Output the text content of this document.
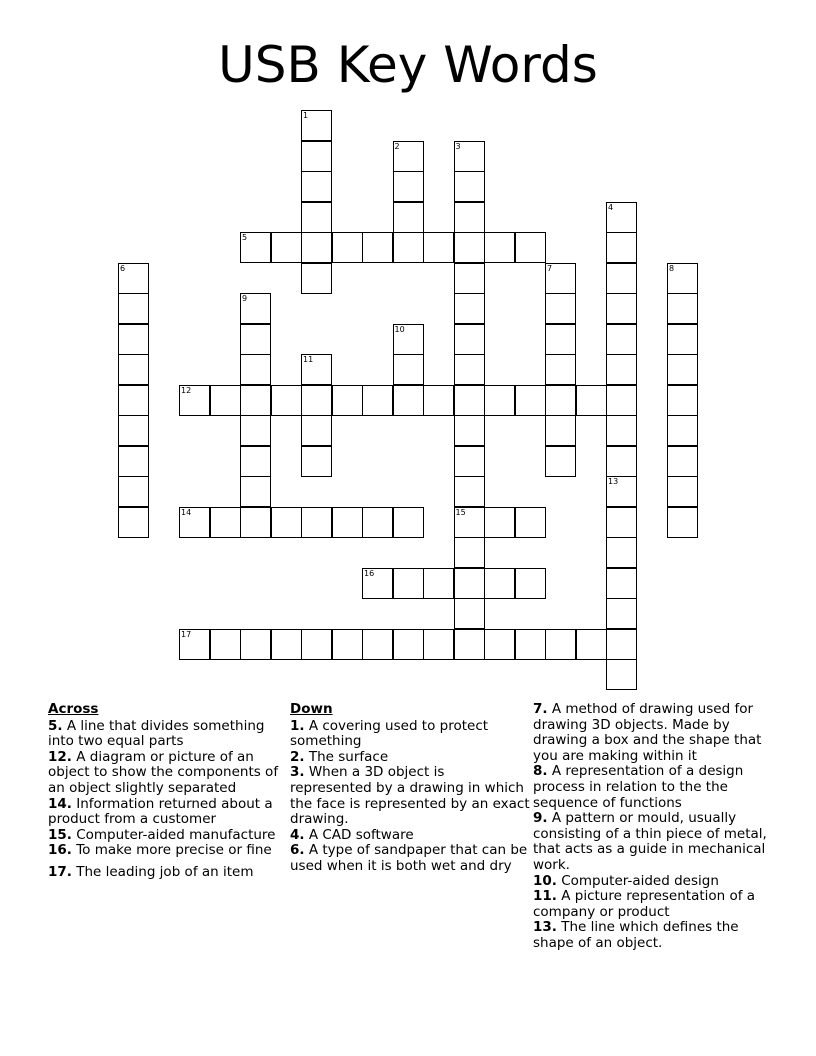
USB Key Words
1
2	3
15
4
5
6	7	8
9
10
11
12
13
14
16
17
Across
5. A line that divides something into two equal parts
12. A diagram or picture of an object to show the components of an object slightly separated
14. Information returned about a product from a customer
15. Computer-aided manufacture
16. To make more precise or fine
17. The leading job of an item
Down
1. A covering used to protect something
2. The surface
3. When a 3D object is represented by a drawing in which the face is represented by an exact drawing.
4. A CAD software
6. A type of sandpaper that can be used when it is both wet and dry
7. A method of drawing used for drawing 3D objects. Made by drawing a box and the shape that you are making within it
8. A representation of a design process in relation to the the sequence of functions
9. A pattern or mould, usually consisting of a thin piece of metal, that acts as a guide in mechanical work.
10. Computer-aided design
11. A picture representation of a company or product
13. The line which defines the shape of an object.
